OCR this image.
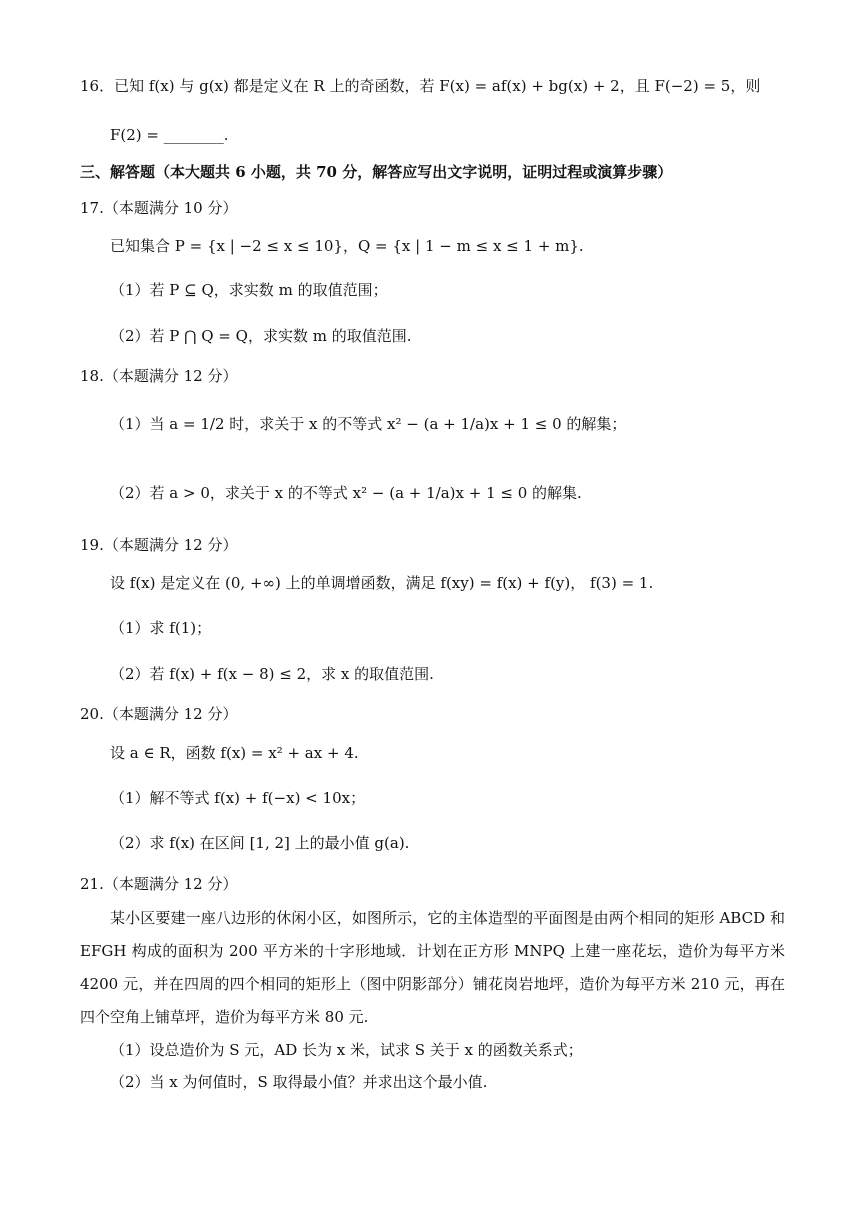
16．已知 f(x) 与 g(x) 都是定义在 R 上的奇函数，若 F(x) = af(x) + bg(x) + 2，且 F(−2) = 5，则
F(2) = ________.
三、解答题（本大题共 6 小题，共 70 分，解答应写出文字说明，证明过程或演算步骤）
17.（本题满分 10 分）
已知集合 P = {x | −2 ≤ x ≤ 10}，Q = {x | 1 − m ≤ x ≤ 1 + m}.
（1）若 P ⊆ Q，求实数 m 的取值范围；
（2）若 P ⋂ Q = Q，求实数 m 的取值范围.
18.（本题满分 12 分）
（1）当 a = 1/2 时，求关于 x 的不等式 x² − (a + 1/a)x + 1 ≤ 0 的解集；
（2）若 a > 0，求关于 x 的不等式 x² − (a + 1/a)x + 1 ≤ 0 的解集.
19.（本题满分 12 分）
设 f(x) 是定义在 (0, +∞) 上的单调增函数，满足 f(xy) = f(x) + f(y)， f(3) = 1.
（1）求 f(1)；
（2）若 f(x) + f(x − 8) ≤ 2，求 x 的取值范围.
20.（本题满分 12 分）
设 a ∈ R，函数 f(x) = x² + ax + 4.
（1）解不等式 f(x) + f(−x) < 10x；
（2）求 f(x) 在区间 [1, 2] 上的最小值 g(a).
21.（本题满分 12 分）
某小区要建一座八边形的休闲小区，如图所示，它的主体造型的平面图是由两个相同的矩形 ABCD 和 EFGH 构成的面积为 200 平方米的十字形地域．计划在正方形 MNPQ 上建一座花坛，造价为每平方米 4200 元，并在四周的四个相同的矩形上（图中阴影部分）铺花岗岩地坪，造价为每平方米 210 元，再在四个空角上铺草坪，造价为每平方米 80 元.
（1）设总造价为 S 元，AD 长为 x 米，试求 S 关于 x 的函数关系式；
（2）当 x 为何值时，S 取得最小值？并求出这个最小值.
